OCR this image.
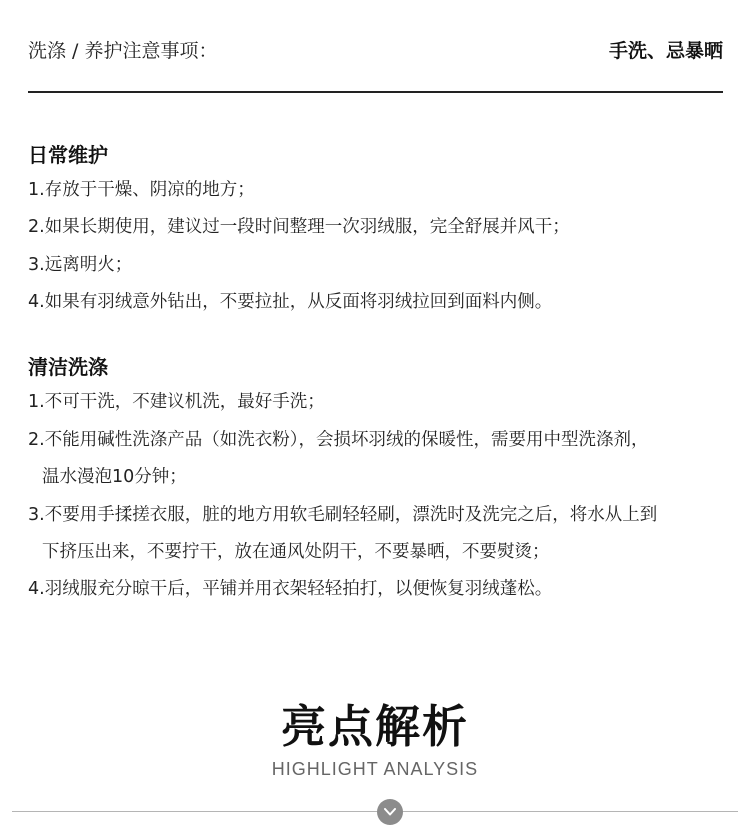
洗涤 / 养护注意事项：	手洗、忌暴晒
日常维护
1.存放于干燥、阴凉的地方；
2.如果长期使用，建议过一段时间整理一次羽绒服，完全舒展并风干；
3.远离明火；
4.如果有羽绒意外钻出，不要拉扯，从反面将羽绒拉回到面料内侧。
清洁洗涤
1.不可干洗，不建议机洗，最好手洗；
2.不能用碱性洗涤产品（如洗衣粉），会损坏羽绒的保暖性，需要用中型洗涤剂，
温水漫泡10分钟；
3.不要用手揉搓衣服，脏的地方用软毛刷轻轻刷，漂洗时及洗完之后，将水从上到
下挤压出来，不要拧干，放在通风处阴干，不要暴晒，不要熨烫；
4.羽绒服充分晾干后，平铺并用衣架轻轻拍打，以便恢复羽绒蓬松。
亮点解析
HIGHLIGHT ANALYSIS
